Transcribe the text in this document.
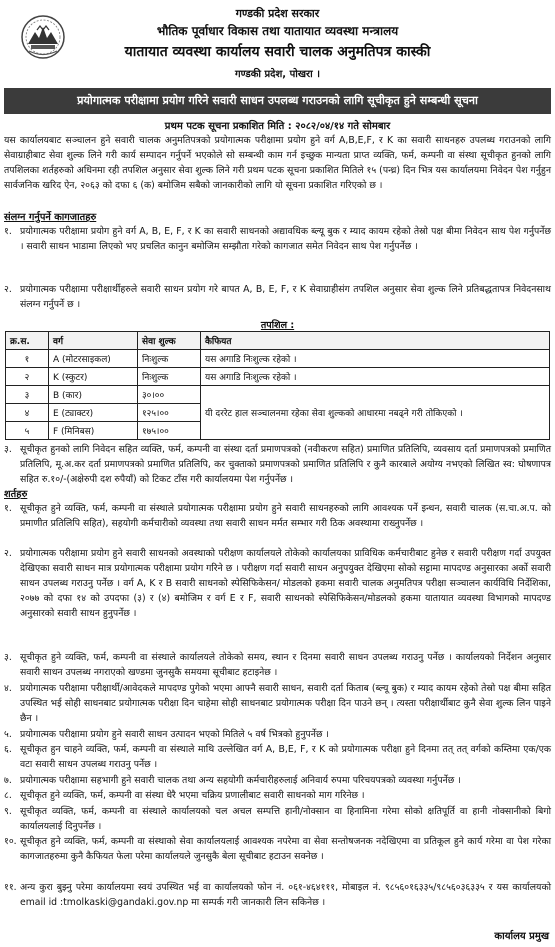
गण्डकी प्रदेश सरकार
भौतिक पूर्वाधार विकास तथा यातायात व्यवस्था मन्त्रालय
यातायात व्यवस्था कार्यालय सवारी चालक अनुमतिपत्र कास्की
गण्डकी प्रदेश, पोखरा ।
प्रयोगात्मक परीक्षामा प्रयोग गरिने सवारी साधन उपलब्ध गराउनको लागि सूचीकृत हुने सम्बन्धी सूचना
प्रथम पटक सूचना प्रकाशित मिति : २०८२/०४/१४ गते सोमबार
यस कार्यालयबाट सञ्चालन हुने सवारी चालक अनुमतिपत्रको प्रयोगात्मक परीक्षामा प्रयोग हुने वर्ग A,B,E,F, र K का सवारी साधनहरु उपलब्ध गराउनको लागि सेवाग्राहीबाट सेवा शुल्क लिने गरी कार्य सम्पादन गर्नुपर्ने भएकोले सो सम्बन्धी काम गर्न इच्छुक मान्यता प्राप्त व्यक्ति, फर्म, कम्पनी वा संस्था सूचीकृत हुनको लागि तपशिलका शर्तहरुको अधिनमा रही तपशिल अनुसार सेवा शुल्क लिने गरी प्रथम पटक सूचना प्रकाशित मितिले १५ (पन्ध्र) दिन भित्र यस कार्यालयमा निवेदन पेश गर्नुहुन सार्वजनिक खरिद ऐन, २०६३ को दफा ६ (क) बमोजिम सबैको जानकारीको लागि यो सूचना प्रकाशित गरिएको छ ।
संलग्न गर्नुपर्ने कागजातहरु
१. प्रयोगात्मक परीक्षामा प्रयोग हुने वर्ग A, B, E, F, र K का सवारी साधनको अद्यावधिक ब्ल्यू बुक र म्याद कायम रहेको तेस्रो पक्ष बीमा निवेदन साथ पेश गर्नुपर्नेछ । सवारी साधन भाडामा लिएको भए प्रचलित कानुन बमोजिम सम्झौता गरेको कागजात समेत निवेदन साथ पेश गर्नुपर्नेछ ।
२. प्रयोगात्मक परीक्षामा परीक्षार्थीहरुले सवारी साधन प्रयोग गरे बापत A, B, E, F, र K सेवाग्राहीसंग तपशिल अनुसार सेवा शुल्क लिने प्रतिबद्धतापत्र निवेदनसाथ संलग्न गर्नुपर्ने छ ।
तपशिल :
क्र.स.	वर्ग	सेवा शुल्क	कैफियत
१	A (मोटरसाइकल)	निःशुल्क	यस अगाडि निःशुल्क रहेको ।
२	K (स्कुटर)	निःशुल्क	यस अगाडि निःशुल्क रहेको ।
३	B (कार)	३०।००	यी दररेट हाल सञ्चालनमा रहेका सेवा शुल्कको आधारमा नबढ्ने गरी तोकिएको ।
४	E (ट्याक्टर)	१२५।००	
५	F (मिनिबस)	१७५।००	
३. सूचीकृत हुनको लागि निवेदन सहित व्यक्ति, फर्म, कम्पनी वा संस्था दर्ता प्रमाणपत्रको (नवीकरण सहित) प्रमाणित प्रतिलिपि, व्यवसाय दर्ता प्रमाणपत्रको प्रमाणित प्रतिलिपि, मू.अ.कर दर्ता प्रमाणपत्रको प्रमाणित प्रतिलिपि, कर चुक्ताको प्रमाणपत्रको प्रमाणित प्रतिलिपि र कुनै कारबाले अयोग्य नभएको लिखित स्व: घोषणापत्र सहित रु.१०/-(अक्षेरुपी दश रुपैयाँ) को टिकट टाँस गरी कार्यालयमा पेश गर्नुपर्नेछ ।
शर्तहरु
१. सूचीकृत हुने व्यक्ति, फर्म, कम्पनी वा संस्थाले प्रयोगात्मक परीक्षामा प्रयोग हुने सवारी साधनहरुको लागि आवश्यक पर्ने इन्धन, सवारी चालक (स.चा.अ.प. को प्रमाणीत प्रतिलिपि सहित), सहयोगी कर्मचारीको व्यवस्था तथा सवारी साधन मर्मत सम्भार गरी ठिक अवस्थामा राख्नुपर्नेछ ।
२. प्रयोगात्मक परीक्षामा प्रयोग हुने सवारी साधनको अवस्थाको परीक्षण कार्यालयले तोकेको कार्यालयका प्राविधिक कर्मचारीबाट हुनेछ र सवारी परीक्षण गर्दा उपयुक्त देखिएका सवारी साधन मात्र प्रयोगात्मक परीक्षामा प्रयोग गरिने छ । परीक्षण गर्दा सवारी साधन अनुपयुक्त देखिएमा सोको सट्टामा मापदण्ड अनुसारका अर्को सवारी साधन उपलब्ध गराउनु पर्नेछ । वर्ग A, K र B सवारी साधनको स्पेसिफिकेसन/ मोडलको हकमा सवारी चालक अनुमतिपत्र परीक्षा सञ्चालन कार्यविधि निर्देशिका, २०७७ को दफा १४ को उपदफा (३) र (४) बमोजिम र वर्ग E र F, सवारी साधनको स्पेसिफिकेसन/मोडलको हकमा यातायात व्यवस्था विभागको मापदण्ड अनुसारको सवारी साधन हुनुपर्नेछ ।
३. सूचीकृत हुने व्यक्ति, फर्म, कम्पनी वा संस्थाले कार्यालयले तोकेको समय, स्थान र दिनमा सवारी साधन उपलब्ध गराउनु पर्नेछ । कार्यालयको निर्देशन अनुसार सवारी साधन उपलब्ध नगराएको खण्डमा जुनसुकै समयमा सूचीबाट हटाइनेछ ।
४. प्रयोगात्मक परीक्षामा परीक्षार्थी/आवेदकले मापदण्ड पुगेको भएमा आफ्नै सवारी साधन, सवारी दर्ता किताब (ब्ल्यू बुक) र म्याद कायम रहेको तेस्रो पक्ष बीमा सहित उपस्थित भई सोही साधनबाट प्रयोगात्मक परीक्षा दिन चाहेमा सोही साधनबाट प्रयोगात्मक परीक्षा दिन पाउने छन् । त्यस्ता परीक्षार्थीबाट कुनै सेवा शुल्क लिन पाइने छैन ।
५. प्रयोगात्मक परीक्षामा प्रयोग हुने सवारी साधन उत्पादन भएको मितिले ५ वर्ष भित्रको हुनुपर्नेछ ।
६. सूचीकृत हुन चाहने व्यक्ति, फर्म, कम्पनी वा संस्थाले माथि उल्लेखित वर्ग A, B,E, F, र K को प्रयोगात्मक परीक्षा हुने दिनमा तत् तत् वर्गको कम्तिमा एक/एक वटा सवारी साधन उपलब्ध गराउनु पर्नेछ ।
७. प्रयोगात्मक परीक्षामा सहभागी हुने सवारी चालक तथा अन्य सहयोगी कर्मचारीहरुलाई अनिवार्य रुपमा परिचयपत्रको व्यवस्था गर्नुपर्नेछ ।
८. सूचीकृत हुने व्यक्ति, फर्म, कम्पनी वा संस्था धेरै भएमा चक्रिय प्रणालीबाट सवारी साधनको माग गरिनेछ ।
९. सूचीकृत व्यक्ति, फर्म, कम्पनी वा संस्थाले कार्यालयको चल अचल सम्पत्ति हानी/नोक्सान वा हिनामिना गरेमा सोको क्षतिपूर्ति वा हानी नोक्सानीको बिगो कार्यालयलाई दिनुपर्नेछ ।
१०. सूचीकृत हुने व्यक्ति, फर्म, कम्पनी वा संस्थाको सेवा कार्यालयलाई आवश्यक नपरेमा वा सेवा सन्तोषजनक नदेखिएमा वा प्रतिकूल हुने कार्य गरेमा वा पेश गरेका कागजातहरुमा कुनै कैफियत फेला परेमा कार्यालयले जुनसुकै बेला सूचीबाट हटाउन सक्नेछ ।
११. अन्य कुरा बुझ्नु परेमा कार्यालयमा स्वयं उपस्थित भई वा कार्यालयको फोन नं. ०६१-४६४१११, मोबाइल नं. ९८५६०१६३३५/९८५६०३६३३५ र यस कार्यालयको email id :tmolkaski@gandaki.gov.np मा सम्पर्क गरी जानकारी लिन सकिनेछ ।
कार्यालय प्रमुख
